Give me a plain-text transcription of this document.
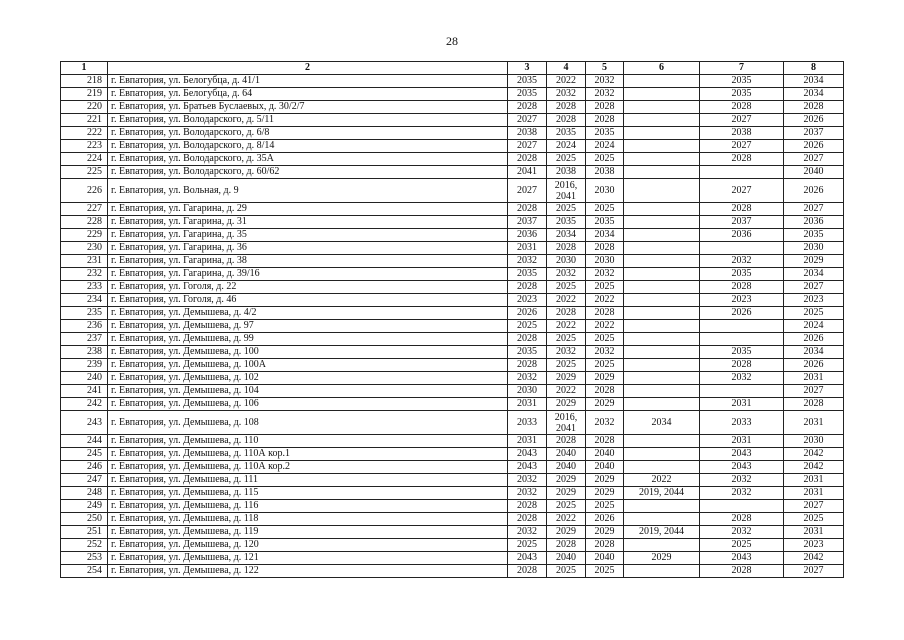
28
1	2	3	4	5	6	7	8
218	г. Евпатория, ул. Белогубца, д. 41/1	2035	2022	2032		2035	2034
219	г. Евпатория, ул. Белогубца, д. 64	2035	2032	2032		2035	2034
220	г. Евпатория, ул. Братьев Буслаевых, д. 30/2/7	2028	2028	2028		2028	2028
221	г. Евпатория, ул. Володарского, д. 5/11	2027	2028	2028		2027	2026
222	г. Евпатория, ул. Володарского, д. 6/8	2038	2035	2035		2038	2037
223	г. Евпатория, ул. Володарского, д. 8/14	2027	2024	2024		2027	2026
224	г. Евпатория, ул. Володарского, д. 35А	2028	2025	2025		2028	2027
225	г. Евпатория, ул. Володарского, д. 60/62	2041	2038	2038			2040
226	г. Евпатория, ул. Вольная, д. 9	2027	2016, 2041	2030		2027	2026
227	г. Евпатория, ул. Гагарина, д. 29	2028	2025	2025		2028	2027
228	г. Евпатория, ул. Гагарина, д. 31	2037	2035	2035		2037	2036
229	г. Евпатория, ул. Гагарина, д. 35	2036	2034	2034		2036	2035
230	г. Евпатория, ул. Гагарина, д. 36	2031	2028	2028			2030
231	г. Евпатория, ул. Гагарина, д. 38	2032	2030	2030		2032	2029
232	г. Евпатория, ул. Гагарина, д. 39/16	2035	2032	2032		2035	2034
233	г. Евпатория, ул. Гоголя, д. 22	2028	2025	2025		2028	2027
234	г. Евпатория, ул. Гоголя, д. 46	2023	2022	2022		2023	2023
235	г. Евпатория, ул. Демышева, д. 4/2	2026	2028	2028		2026	2025
236	г. Евпатория, ул. Демышева, д. 97	2025	2022	2022			2024
237	г. Евпатория, ул. Демышева, д. 99	2028	2025	2025			2026
238	г. Евпатория, ул. Демышева, д. 100	2035	2032	2032		2035	2034
239	г. Евпатория, ул. Демышева, д. 100А	2028	2025	2025		2028	2026
240	г. Евпатория, ул. Демышева, д. 102	2032	2029	2029		2032	2031
241	г. Евпатория, ул. Демышева, д. 104	2030	2022	2028			2027
242	г. Евпатория, ул. Демышева, д. 106	2031	2029	2029		2031	2028
243	г. Евпатория, ул. Демышева, д. 108	2033	2016, 2041	2032	2034	2033	2031
244	г. Евпатория, ул. Демышева, д. 110	2031	2028	2028		2031	2030
245	г. Евпатория, ул. Демышева, д. 110А кор.1	2043	2040	2040		2043	2042
246	г. Евпатория, ул. Демышева, д. 110А кор.2	2043	2040	2040		2043	2042
247	г. Евпатория, ул. Демышева, д. 111	2032	2029	2029	2022	2032	2031
248	г. Евпатория, ул. Демышева, д. 115	2032	2029	2029	2019, 2044	2032	2031
249	г. Евпатория, ул. Демышева, д. 116	2028	2025	2025			2027
250	г. Евпатория, ул. Демышева, д. 118	2028	2022	2026		2028	2025
251	г. Евпатория, ул. Демышева, д. 119	2032	2029	2029	2019, 2044	2032	2031
252	г. Евпатория, ул. Демышева, д. 120	2025	2028	2028		2025	2023
253	г. Евпатория, ул. Демышева, д. 121	2043	2040	2040	2029	2043	2042
254	г. Евпатория, ул. Демышева, д. 122	2028	2025	2025		2028	2027
